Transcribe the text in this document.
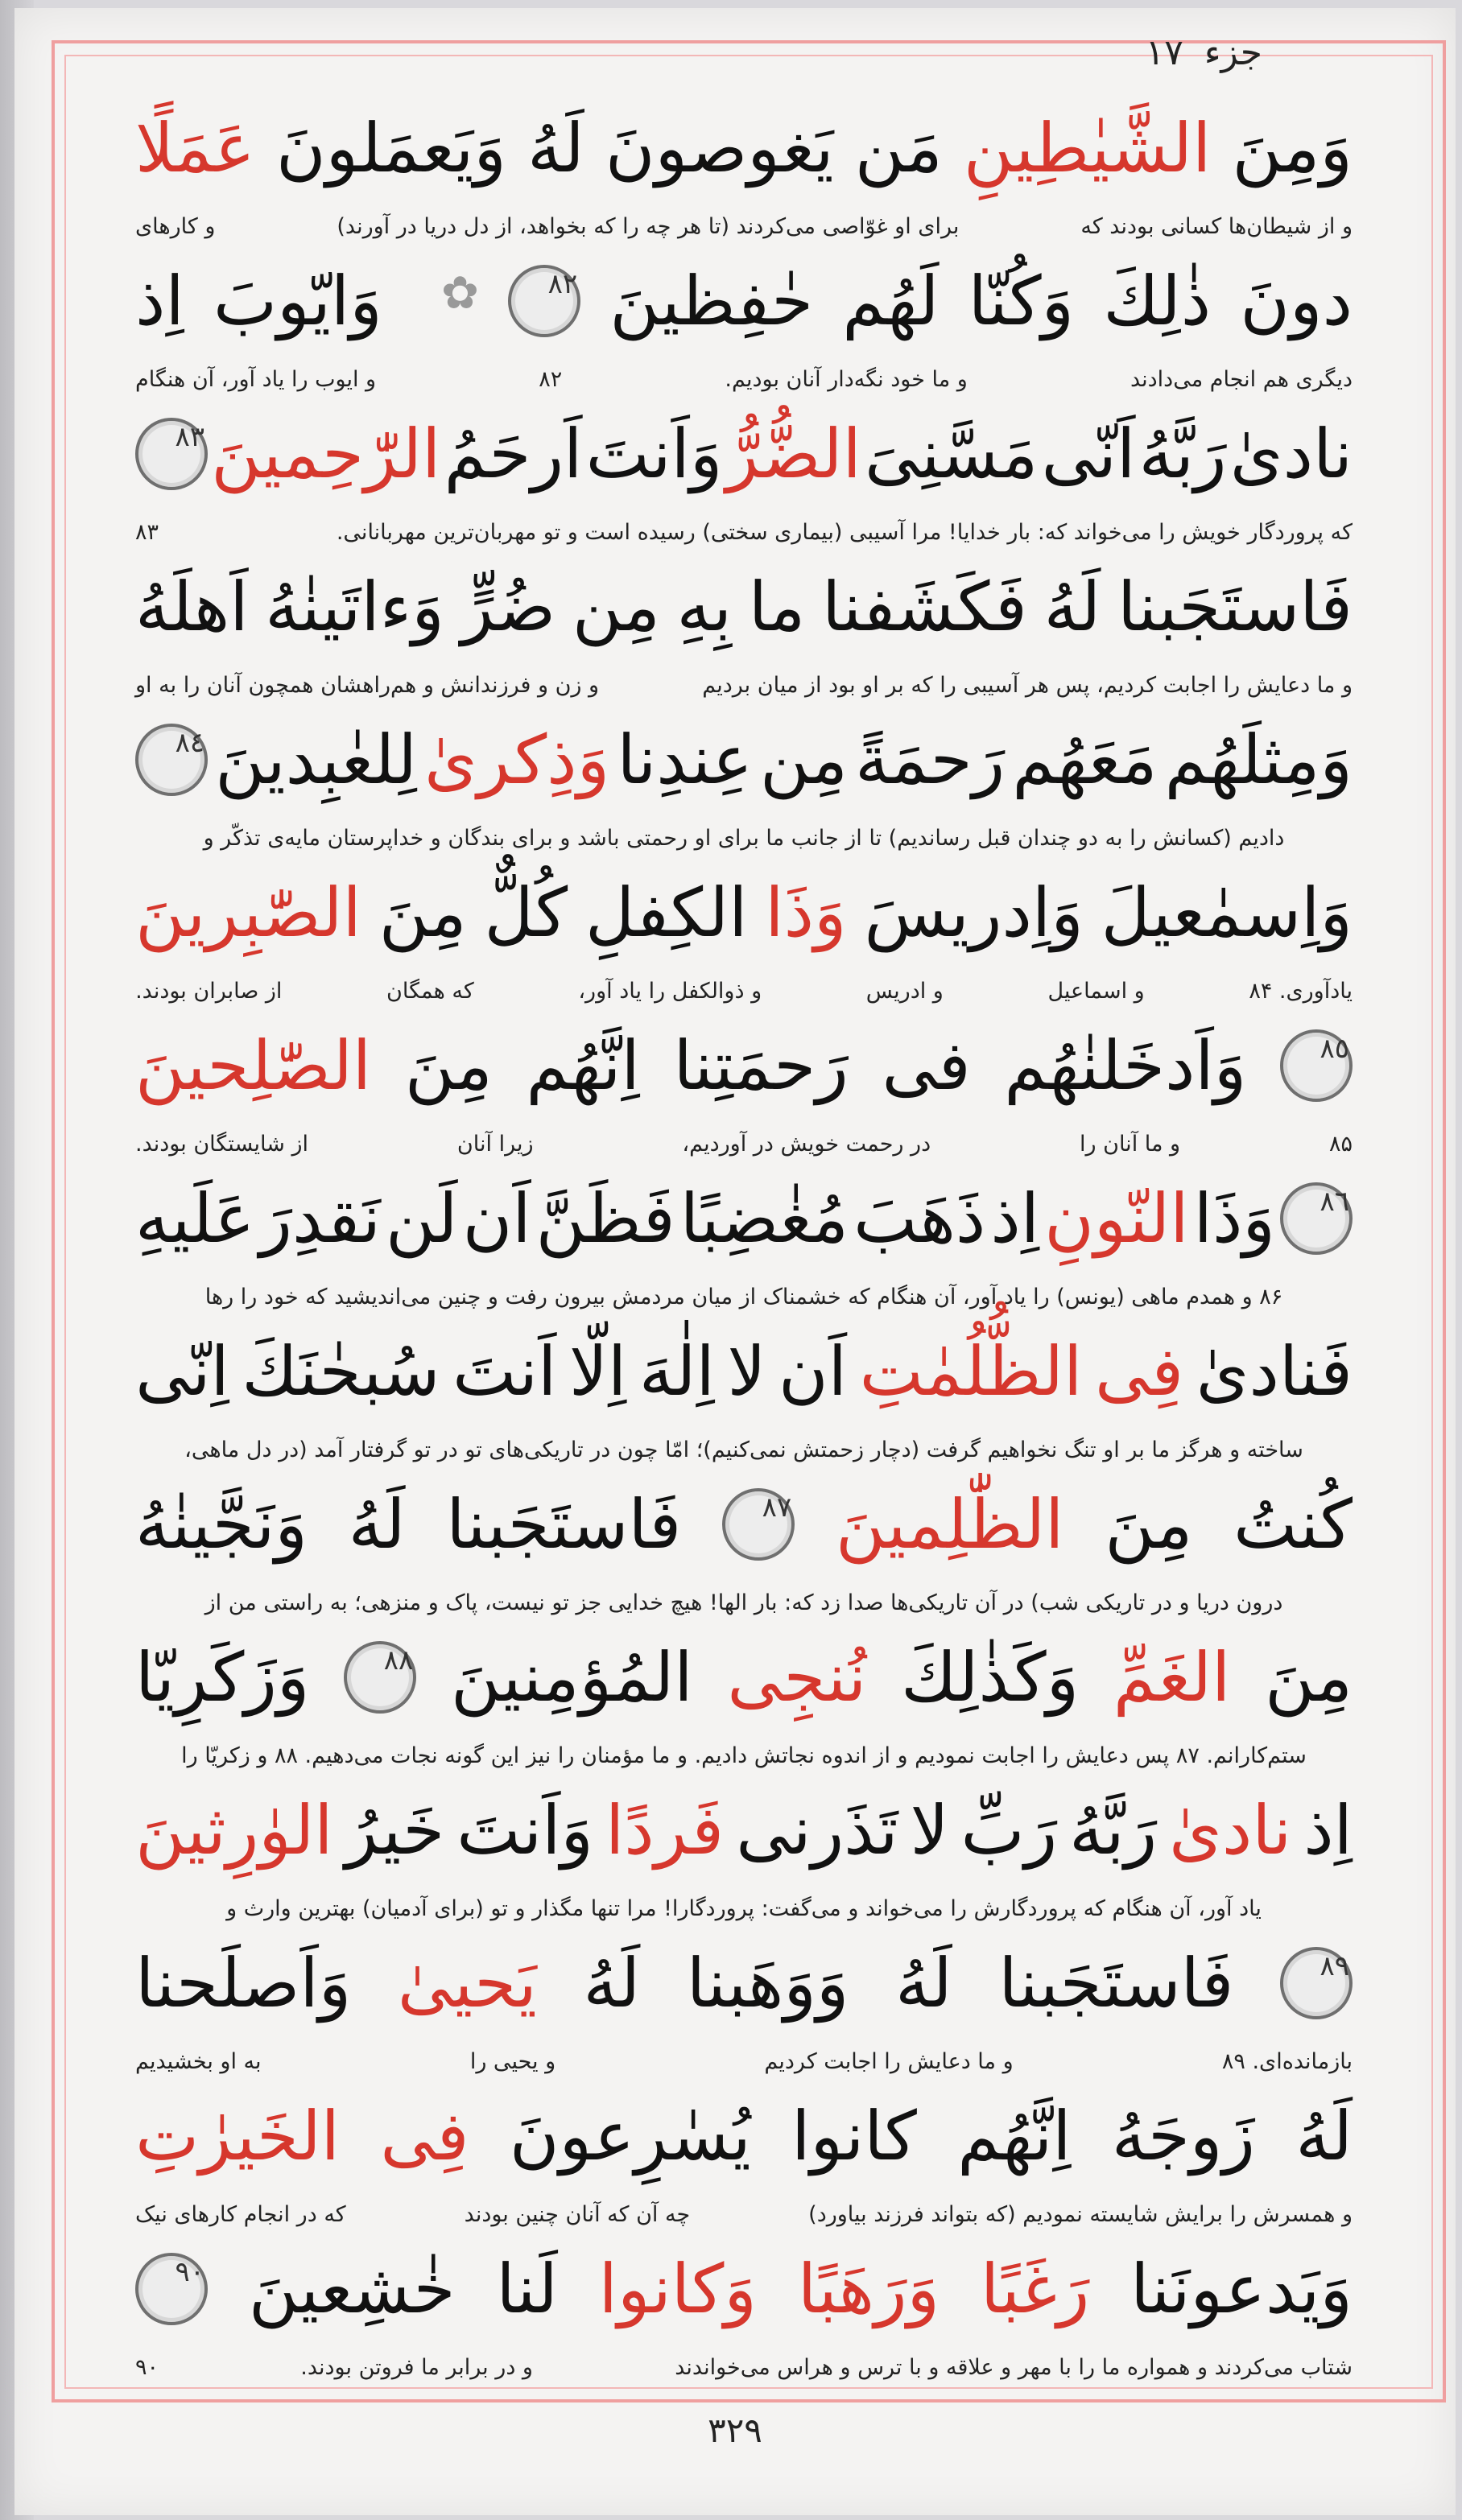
جزء
۱۷
وَمِنَ
الشَّيٰطِينِ
مَن
يَغوصونَ
لَهُ
وَيَعمَلونَ
عَمَلًا
و از شیطان‌ها کسانی بودند که
برای او غوّاصی می‌کردند (تا هر چه را که بخواهد، از دل دریا در آورند)
و کارهای
دونَ
ذٰلِكَ
وَكُنّا
لَهُم
حٰفِظينَ
٨٢
✿
وَايّوبَ
اِذ
دیگری هم انجام می‌دادند
و ما خود نگه‌دار آنان بودیم.
۸۲
و ایوب را یاد آور، آن هنگام
نادىٰ
رَبَّهُ
اَنّى
مَسَّنِىَ
الضُّرُّ
وَاَنتَ
اَرحَمُ
الرّٰحِمينَ
٨٣
که پروردگار خویش را می‌خواند که: بار خدایا! مرا آسیبی (بیماری سختی) رسیده است و تو مهربان‌ترین مهربانانی.
۸۳
فَاستَجَبنا
لَهُ
فَكَشَفنا
ما
بِهِ
مِن
ضُرٍّ
وَءاتَينٰهُ
اَهلَهُ
و ما دعایش را اجابت کردیم، پس هر آسیبی را که بر او بود از میان بردیم
و زن و فرزندانش و هم‌راهشان همچون آنان را به او
وَمِثلَهُم
مَعَهُم
رَحمَةً
مِن
عِندِنا
وَذِكرىٰ
لِلعٰبِدينَ
٨٤
دادیم (کسانش را به دو چندان قبل رساندیم) تا از جانب ما برای او رحمتی باشد و برای بندگان و خداپرستان مایه‌ی تذکّر و
وَاِسمٰعيلَ
وَاِدريسَ
وَذَا
الكِفلِ
كُلٌّ
مِنَ
الصّٰبِرينَ
یادآوری. ۸۴
و اسماعیل
و ادریس
و ذوالکفل را یاد آور،
که همگان
از صابران بودند.
٨٥
وَاَدخَلنٰهُم
فى
رَحمَتِنا
اِنَّهُم
مِنَ
الصّٰلِحينَ
۸۵
و ما آنان را
در رحمت خویش در آوردیم،
زیرا آنان
از شایستگان بودند.
٨٦
وَذَا
النّونِ
اِذ
ذَهَبَ
مُغٰضِبًا
فَظَنَّ
اَن
لَن
نَقدِرَ
عَلَيهِ
۸۶ و همدم ماهی (یونس) را یاد آور، آن هنگام که خشمناک از میان مردمش بیرون رفت و چنین می‌اندیشید که خود را رها
فَنادىٰ
فِى
الظُّلُمٰتِ
اَن
لا
اِلٰهَ
اِلّا
اَنتَ
سُبحٰنَكَ
اِنّى
ساخته و هرگز ما بر او تنگ نخواهیم گرفت (دچار زحمتش نمی‌کنیم)؛ امّا چون در تاریکی‌های تو در تو گرفتار آمد (در دل ماهی،
كُنتُ
مِنَ
الظّٰلِمينَ
٨٧
فَاستَجَبنا
لَهُ
وَنَجَّينٰهُ
درون دریا و در تاریکی شب) در آن تاریکی‌ها صدا زد که: بار الها! هیچ خدایی جز تو نیست، پاک و منزهی؛ به راستی من از
مِنَ
الغَمِّ
وَكَذٰلِكَ
نُنجِى
المُؤمِنينَ
٨٨
وَزَكَرِيّا
ستم‌کارانم. ۸۷ پس دعایش را اجابت نمودیم و از اندوه نجاتش دادیم. و ما مؤمنان را نیز این گونه نجات می‌دهیم. ۸۸ و زکریّا را
اِذ
نادىٰ
رَبَّهُ
رَبِّ
لا
تَذَرنى
فَردًا
وَاَنتَ
خَيرُ
الوٰرِثينَ
یاد آور، آن هنگام که پروردگارش را می‌خواند و می‌گفت: پروردگارا! مرا تنها مگذار و تو (برای آدمیان) بهترین وارث و
٨٩
فَاستَجَبنا
لَهُ
وَوَهَبنا
لَهُ
يَحيىٰ
وَاَصلَحنا
بازمانده‌ای. ۸۹
و ما دعایش را اجابت کردیم
و یحیی را
به او بخشیدیم
لَهُ
زَوجَهُ
اِنَّهُم
كانوا
يُسٰرِعونَ
فِى
الخَيرٰتِ
و همسرش را برایش شایسته نمودیم (که بتواند فرزند بیاورد)
چه آن که آنان چنین بودند
که در انجام کارهای نیک
وَيَدعونَنا
رَغَبًا
وَرَهَبًا
وَكانوا
لَنا
خٰشِعينَ
٩٠
شتاب می‌کردند و همواره ما را با مهر و علاقه و با ترس و هراس می‌خواندند
و در برابر ما فروتن بودند.
۹۰
۳۲۹
